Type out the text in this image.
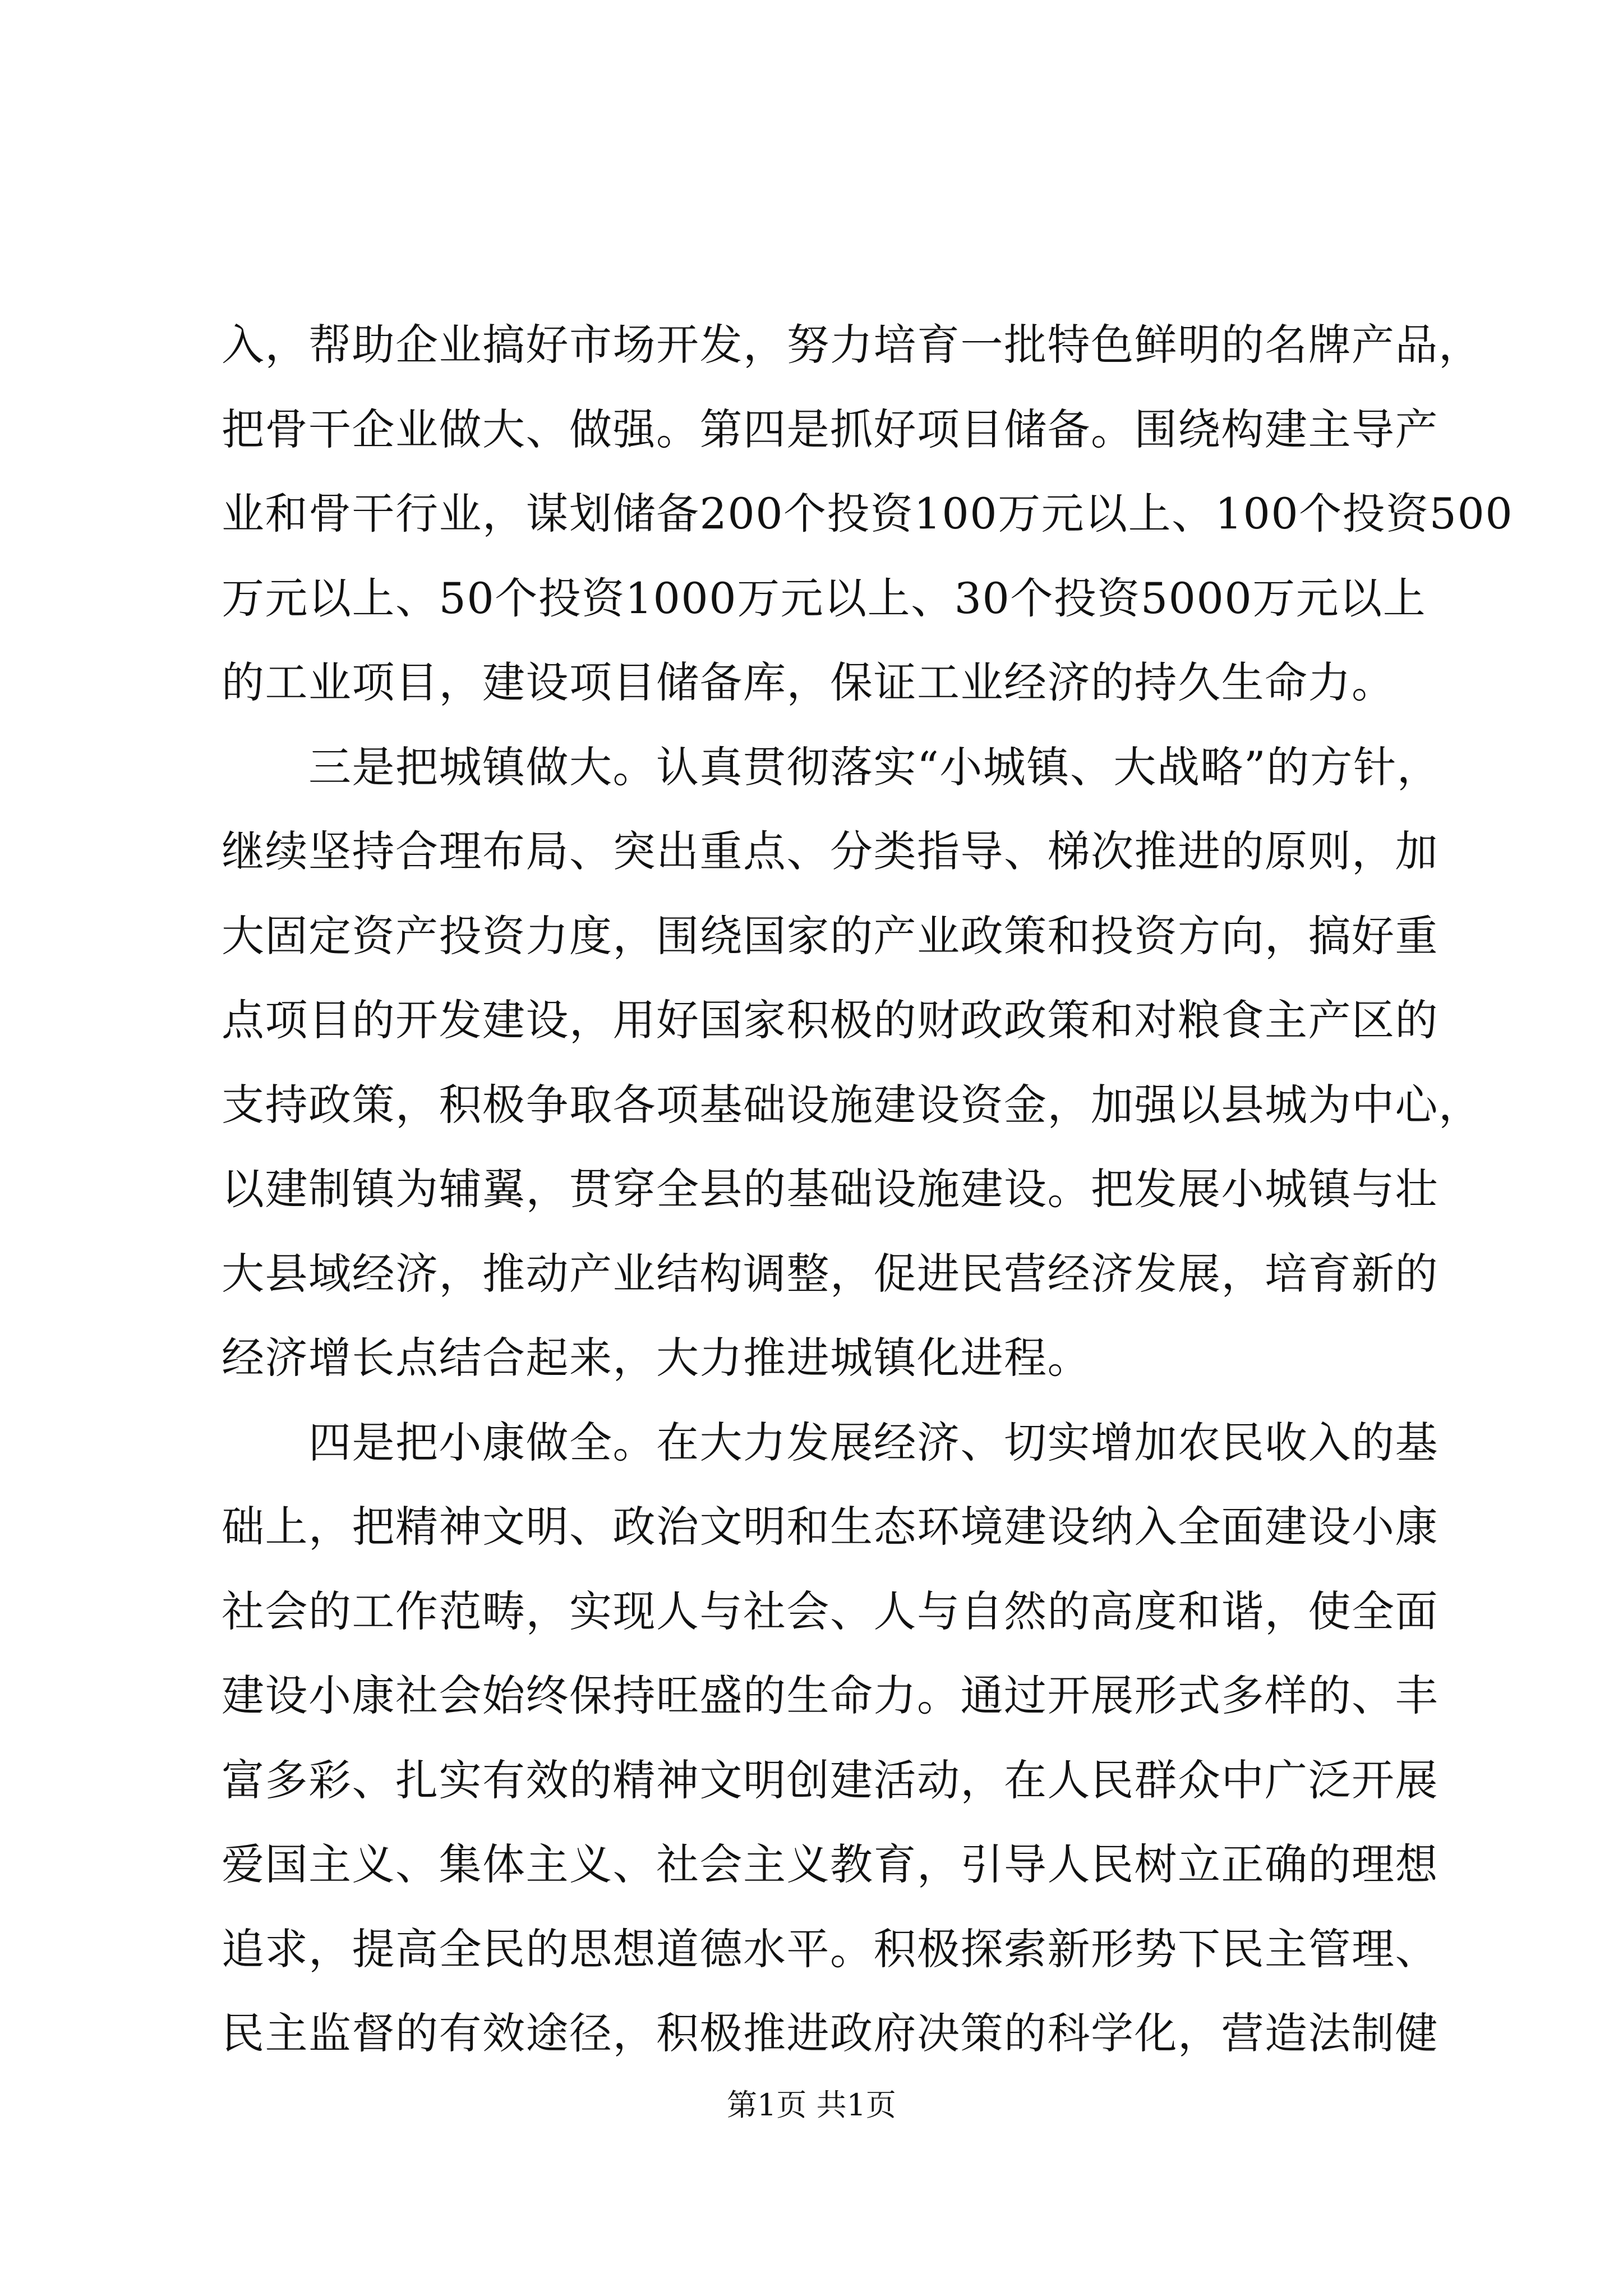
入，帮助企业搞好市场开发，努力培育一批特色鲜明的名牌产品，
把骨干企业做大、做强。第四是抓好项目储备。围绕构建主导产
业和骨干行业，谋划储备200个投资100万元以上、100个投资500
万元以上、50个投资1000万元以上、30个投资5000万元以上
的工业项目，建设项目储备库，保证工业经济的持久生命力。
　　三是把城镇做大。认真贯彻落实“小城镇、大战略”的方针，
继续坚持合理布局、突出重点、分类指导、梯次推进的原则，加
大固定资产投资力度，围绕国家的产业政策和投资方向，搞好重
点项目的开发建设，用好国家积极的财政政策和对粮食主产区的
支持政策，积极争取各项基础设施建设资金，加强以县城为中心，
以建制镇为辅翼，贯穿全县的基础设施建设。把发展小城镇与壮
大县域经济，推动产业结构调整，促进民营经济发展，培育新的
经济增长点结合起来，大力推进城镇化进程。
　　四是把小康做全。在大力发展经济、切实增加农民收入的基
础上，把精神文明、政治文明和生态环境建设纳入全面建设小康
社会的工作范畴，实现人与社会、人与自然的高度和谐，使全面
建设小康社会始终保持旺盛的生命力。通过开展形式多样的、丰
富多彩、扎实有效的精神文明创建活动，在人民群众中广泛开展
爱国主义、集体主义、社会主义教育，引导人民树立正确的理想
追求，提高全民的思想道德水平。积极探索新形势下民主管理、
民主监督的有效途径，积极推进政府决策的科学化，营造法制健
第1页 共1页
